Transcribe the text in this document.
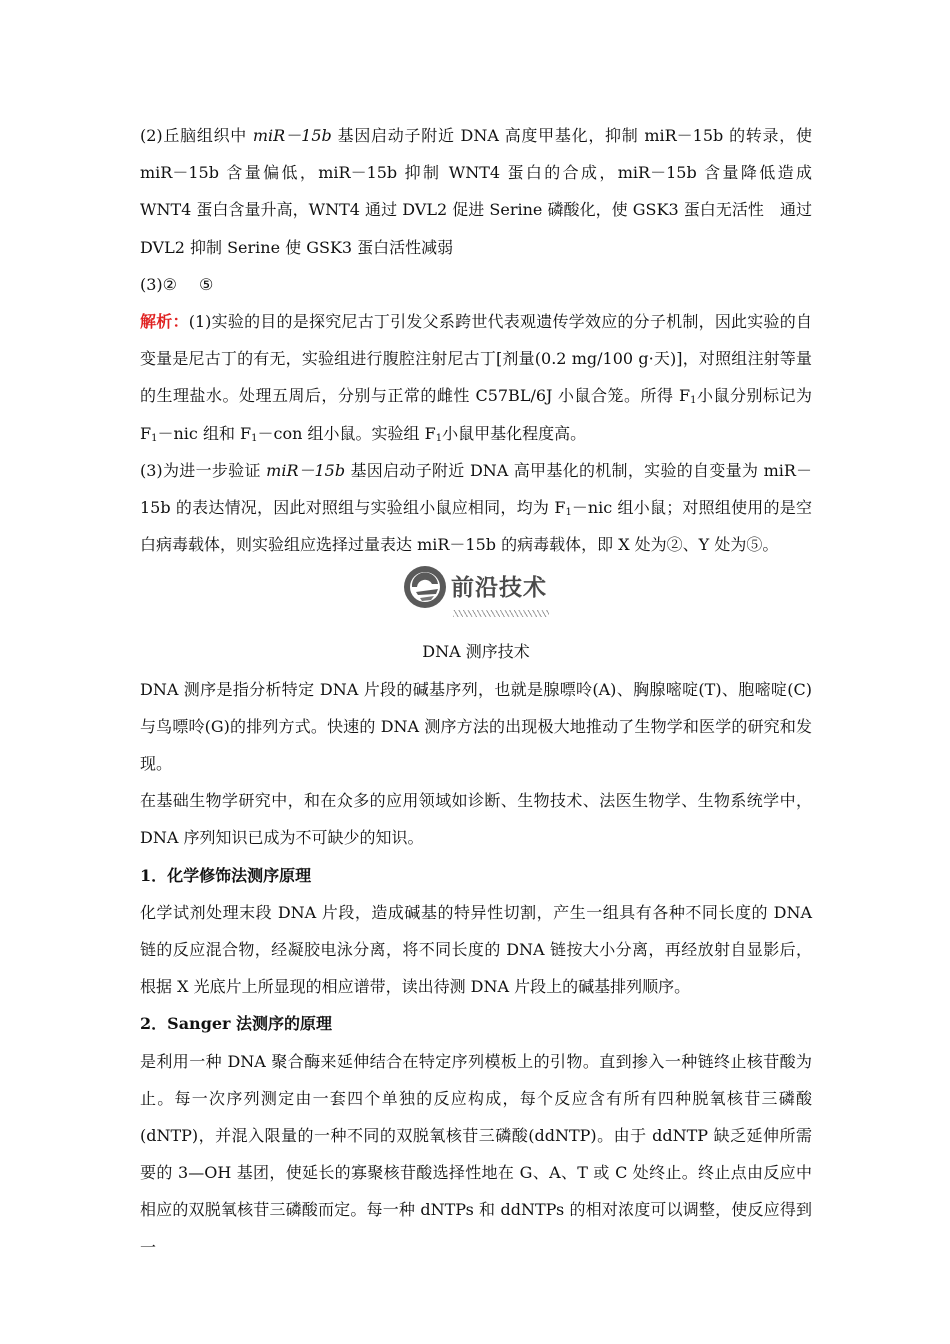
(2)丘脑组织中 miR－15b 基因启动子附近 DNA 高度甲基化，抑制 miR－15b 的转录，使 miR－15b 含量偏低，miR－15b 抑制 WNT4 蛋白的合成，miR－15b 含量降低造成 WNT4 蛋白含量升高，WNT4 通过 DVL2 促进 Serine 磷酸化，使 GSK3 蛋白无活性　通过 DVL2 抑制 Serine 使 GSK3 蛋白活性减弱

(3)② ⑤

解析：(1)实验的目的是探究尼古丁引发父系跨世代表观遗传学效应的分子机制，因此实验的自变量是尼古丁的有无，实验组进行腹腔注射尼古丁[剂量(0.2 mg/100 g·天)]，对照组注射等量的生理盐水。处理五周后，分别与正常的雌性 C57BL/6J 小鼠合笼。所得 $F_1$小鼠分别标记为 $F_1-nic$ 组和 $F_1-con$ 组小鼠。实验组 $F_1$小鼠甲基化程度高。

(3)为进一步验证 miR－15b 基因启动子附近 DNA 高甲基化的机制，实验的自变量为 miR－15b 的表达情况，因此对照组与实验组小鼠应相同，均为 $F_1-nic$ 组小鼠；对照组使用的是空白病毒载体，则实验组应选择过量表达 miR－15b 的病毒载体，即 X 处为②、Y 处为⑤。

前沿技术

DNA 测序技术

DNA 测序是指分析特定 DNA 片段的碱基序列，也就是腺嘌呤(A)、胸腺嘧啶(T)、胞嘧啶(C)与鸟嘌呤(G)的排列方式。快速的 DNA 测序方法的出现极大地推动了生物学和医学的研究和发现。

在基础生物学研究中，和在众多的应用领域如诊断、生物技术、法医生物学、生物系统学中，DNA 序列知识已成为不可缺少的知识。

1．化学修饰法测序原理

化学试剂处理末段 DNA 片段，造成碱基的特异性切割，产生一组具有各种不同长度的 DNA 链的反应混合物，经凝胶电泳分离，将不同长度的 DNA 链按大小分离，再经放射自显影后，根据 X 光底片上所显现的相应谱带，读出待测 DNA 片段上的碱基排列顺序。

2．Sanger 法测序的原理

是利用一种 DNA 聚合酶来延伸结合在特定序列模板上的引物。直到掺入一种链终止核苷酸为止。每一次序列测定由一套四个单独的反应构成，每个反应含有所有四种脱氧核苷三磷酸(dNTP)，并混入限量的一种不同的双脱氧核苷三磷酸(ddNTP)。由于 ddNTP 缺乏延伸所需要的 3—OH 基团，使延长的寡聚核苷酸选择性地在 G、A、T 或 C 处终止。终止点由反应中相应的双脱氧核苷三磷酸而定。每一种 dNTPs 和 ddNTPs 的相对浓度可以调整，使反应得到一
